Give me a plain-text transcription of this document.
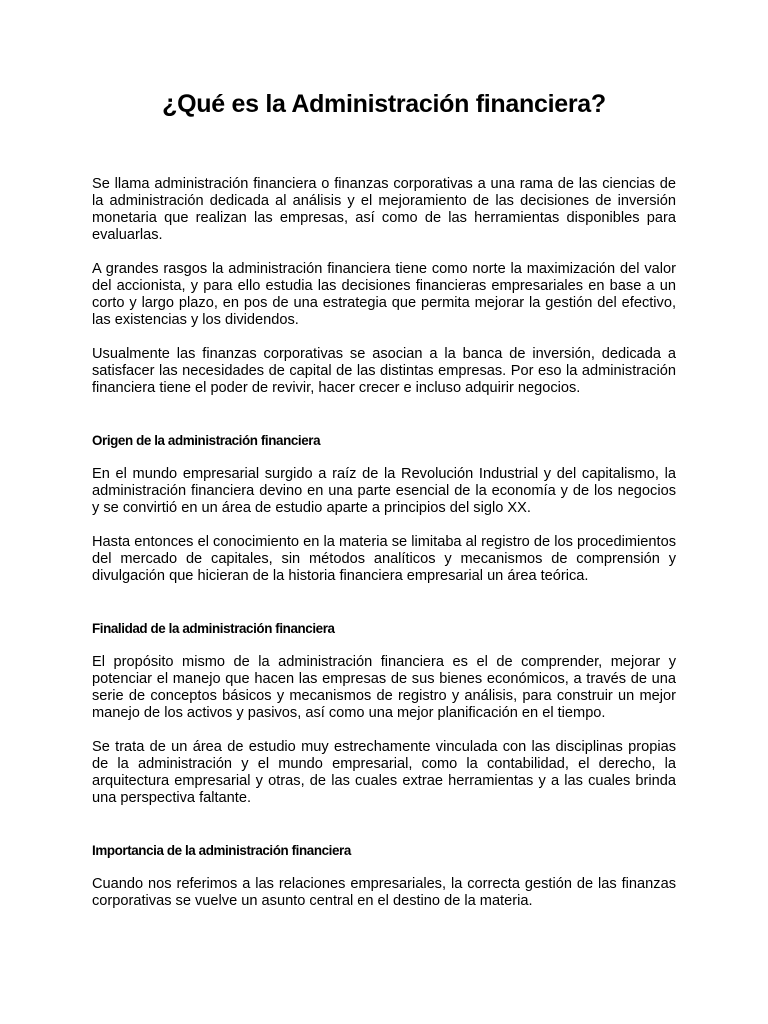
¿Qué es la Administración financiera?

Se llama administración financiera o finanzas corporativas a una rama de las ciencias de la administración dedicada al análisis y el mejoramiento de las decisiones de inversión monetaria que realizan las empresas, así como de las herramientas disponibles para evaluarlas.

A grandes rasgos la administración financiera tiene como norte la maximización del valor del accionista, y para ello estudia las decisiones financieras empresariales en base a un corto y largo plazo, en pos de una estrategia que permita mejorar la gestión del efectivo, las existencias y los dividendos.

Usualmente las finanzas corporativas se asocian a la banca de inversión, dedicada a satisfacer las necesidades de capital de las distintas empresas. Por eso la administración financiera tiene el poder de revivir, hacer crecer e incluso adquirir negocios.

Origen de la administración financiera

En el mundo empresarial surgido a raíz de la Revolución Industrial y del capitalismo, la administración financiera devino en una parte esencial de la economía y de los negocios y se convirtió en un área de estudio aparte a principios del siglo XX.

Hasta entonces el conocimiento en la materia se limitaba al registro de los procedimientos del mercado de capitales, sin métodos analíticos y mecanismos de comprensión y divulgación que hicieran de la historia financiera empresarial un área teórica.

Finalidad de la administración financiera

El propósito mismo de la administración financiera es el de comprender, mejorar y potenciar el manejo que hacen las empresas de sus bienes económicos, a través de una serie de conceptos básicos y mecanismos de registro y análisis, para construir un mejor manejo de los activos y pasivos, así como una mejor planificación en el tiempo.

Se trata de un área de estudio muy estrechamente vinculada con las disciplinas propias de la administración y el mundo empresarial, como la contabilidad, el derecho, la arquitectura empresarial y otras, de las cuales extrae herramientas y a las cuales brinda una perspectiva faltante.

Importancia de la administración financiera

Cuando nos referimos a las relaciones empresariales, la correcta gestión de las finanzas corporativas se vuelve un asunto central en el destino de la materia.
